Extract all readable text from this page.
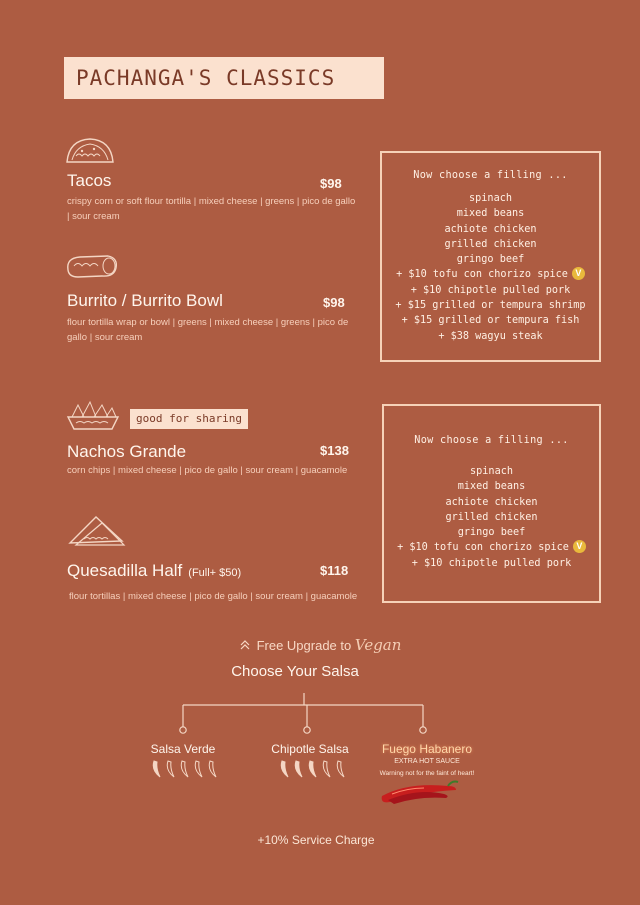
PACHANGA'S CLASSICS
Tacos	$98
crispy corn or soft flour tortilla | mixed cheese | greens | pico de gallo | sour cream
Burrito / Burrito Bowl	$98
flour tortilla wrap or bowl | greens | mixed cheese | greens | pico de gallo | sour cream
Now choose a filling ...
spinach
mixed beans
achiote chicken
grilled chicken
gringo beef
+ $10 tofu con chorizo spice V
+ $10 chipotle pulled pork
+ $15 grilled or tempura shrimp
+ $15 grilled or tempura fish
+ $38 wagyu steak
good for sharing
Nachos Grande	$138
corn chips | mixed cheese | pico de gallo | sour cream | guacamole
Quesadilla Half (Full+ $50)	$118
flour tortillas | mixed cheese | pico de gallo | sour cream | guacamole
Now choose a filling ...
spinach
mixed beans
achiote chicken
grilled chicken
gringo beef
+ $10 tofu con chorizo spice V
+ $10 chipotle pulled pork
Free Upgrade to Vegan
Choose Your Salsa
Salsa Verde	Chipotle Salsa	Fuego Habanero
EXTRA HOT SAUCE
Warning not for the faint of heart!
+10% Service Charge
